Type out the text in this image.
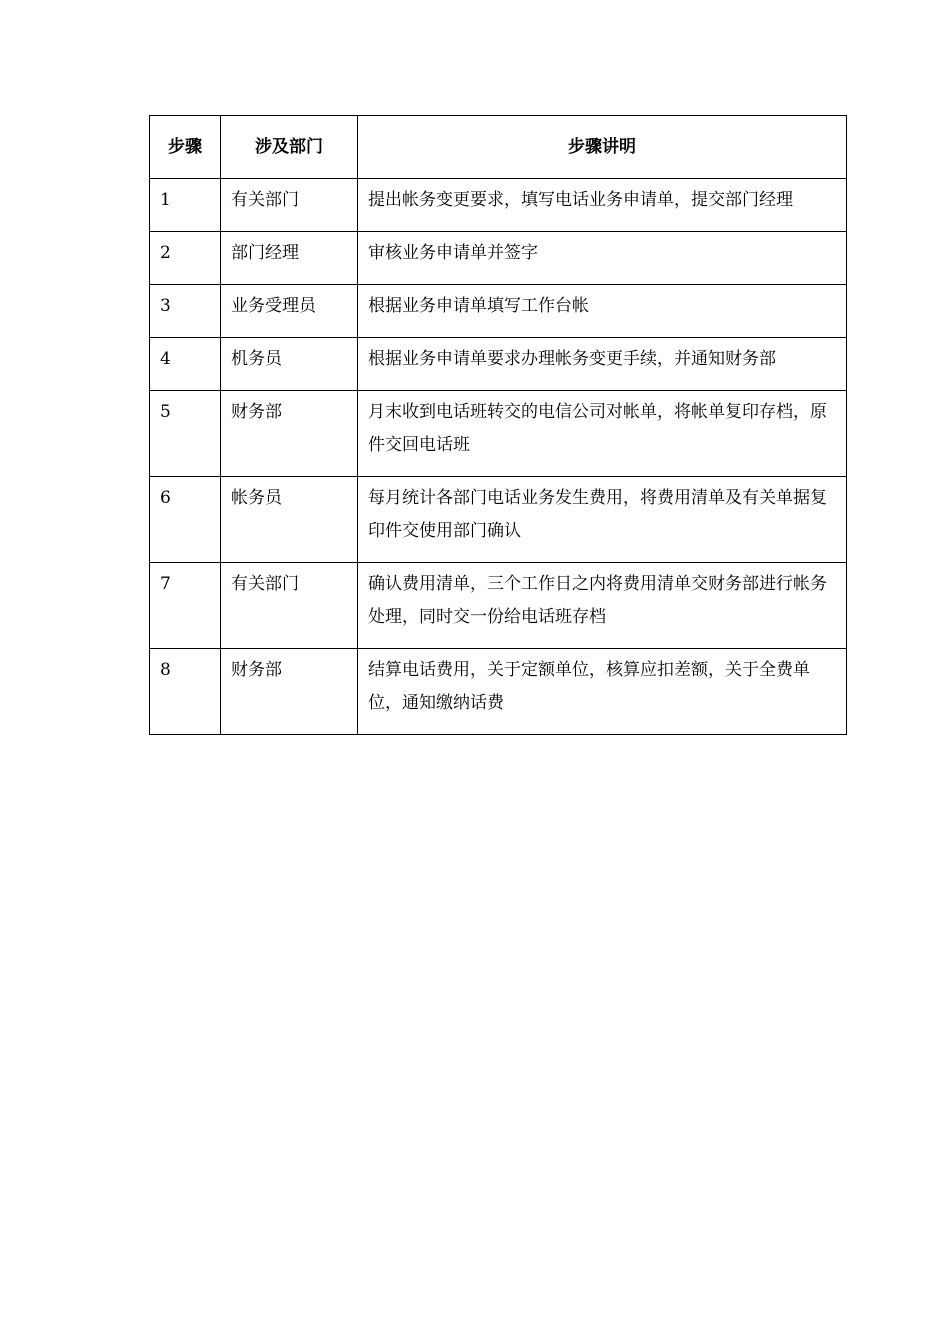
步骤	涉及部门	步骤讲明
1	有关部门	提出帐务变更要求，填写电话业务申请单，提交部门经理
2	部门经理	审核业务申请单并签字
3	业务受理员	根据业务申请单填写工作台帐
4	机务员	根据业务申请单要求办理帐务变更手续，并通知财务部
5	财务部	月末收到电话班转交的电信公司对帐单，将帐单复印存档，原件交回电话班
6	帐务员	每月统计各部门电话业务发生费用，将费用清单及有关单据复印件交使用部门确认
7	有关部门	确认费用清单，三个工作日之内将费用清单交财务部进行帐务处理，同时交一份给电话班存档
8	财务部	结算电话费用，关于定额单位，核算应扣差额，关于全费单位，通知缴纳话费
